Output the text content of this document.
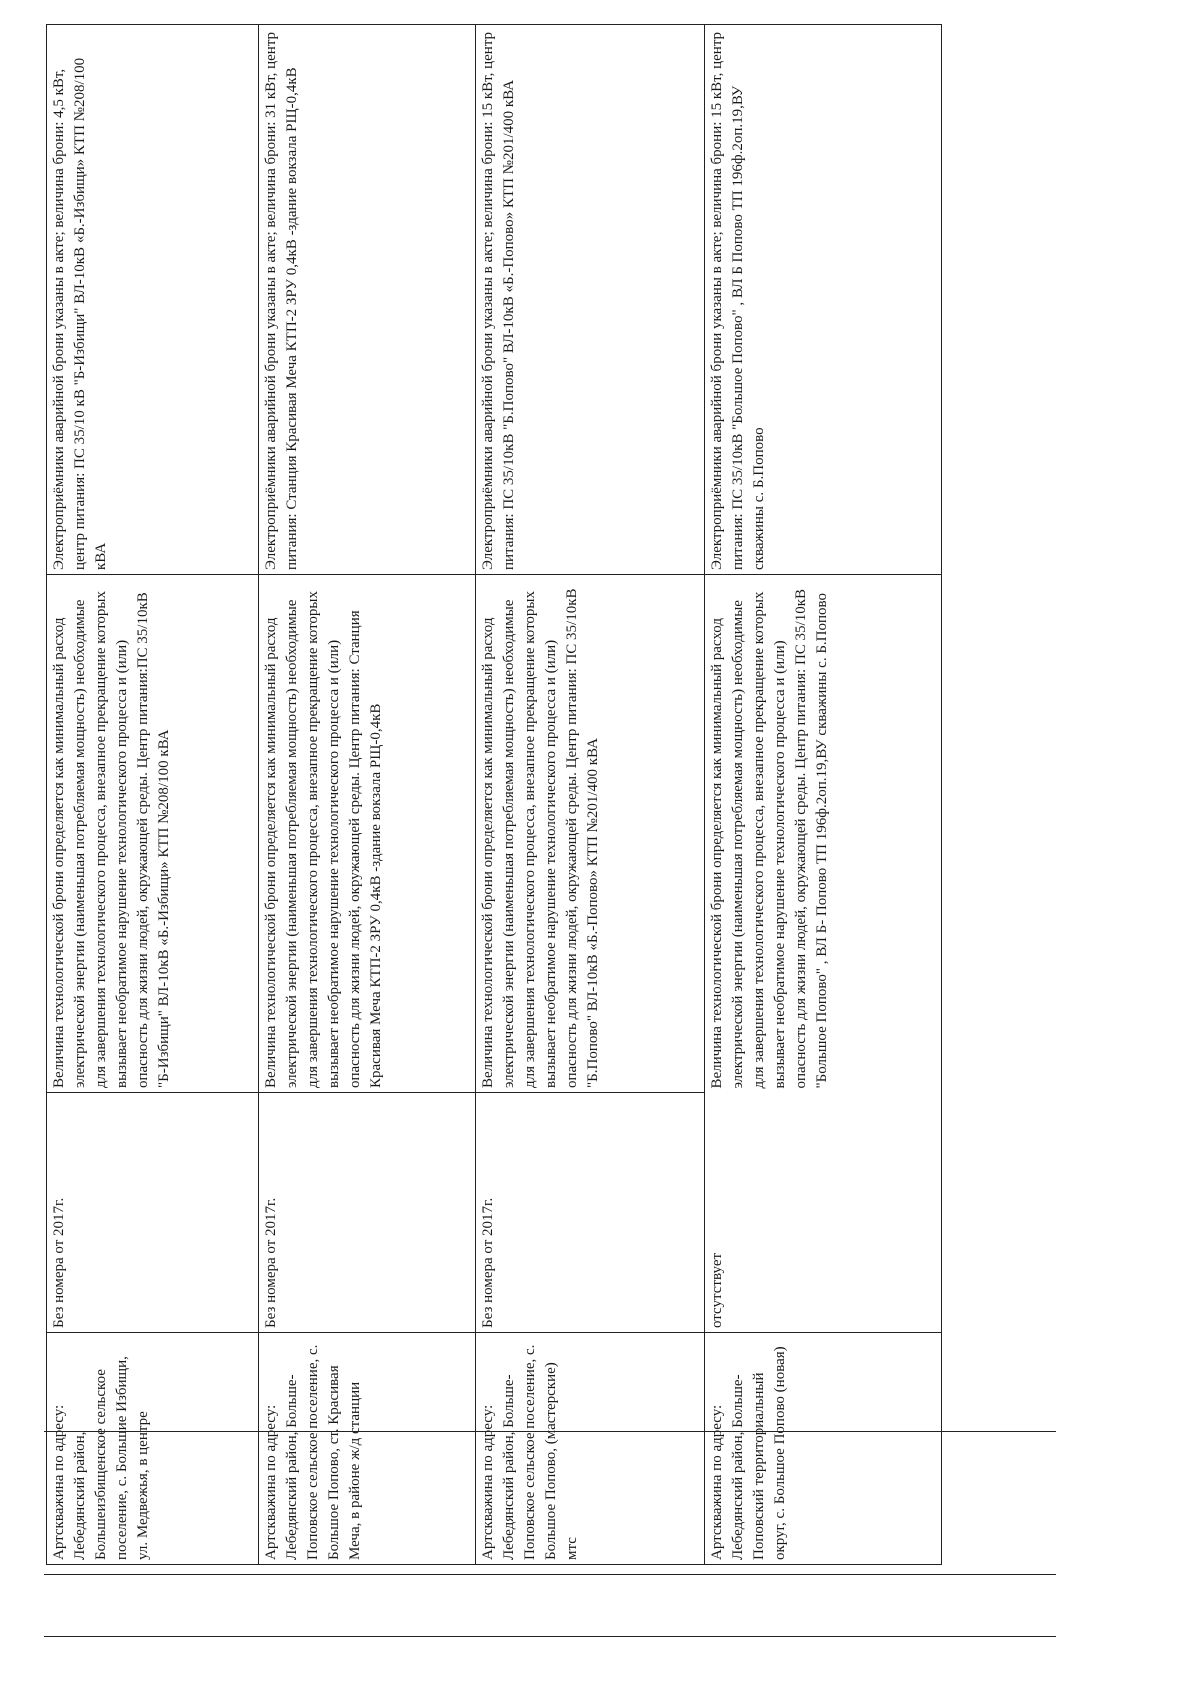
Артскважина по адресу: Лебедянский район, Большеизбищенское сельское поселение, с. Большие Избищи, ул. Медвежья, в центре	Без номера от 2017г.	Величина технологической брони определяется как минимальный расход электрической энергии (наименьшая потребляемая мощность) необходимые для завершения технологического процесса, внезапное прекращение которых вызывает необратимое нарушение технологического процесса и (или) опасность для жизни людей, окружающей среды. Центр питания:ПС 35/10кВ "Б-Избищи" ВЛ-10кВ «Б.-Избищи» КТП №208/100 кВА	Электроприёмники аварийной брони указаны в акте; величина брони: 4,5 кВт, центр питания: ПС 35/10 кВ "Б-Избищи" ВЛ-10кВ «Б.-Избищи» КТП №208/100 кВА
Артскважина по адресу: Лебедянский район, Больше-Поповское сельское поселение, с. Большое Попово, ст. Красивая Меча, в районе ж/д станции	Без номера от 2017г.	Величина технологической брони определяется как минимальный расход электрической энергии (наименьшая потребляемая мощность) необходимые для завершения технологического процесса, внезапное прекращение которых вызывает необратимое нарушение технологического процесса и (или) опасность для жизни людей, окружающей среды. Центр питания: Станция Красивая Меча КТП-2 ЗРУ 0,4кВ -здание вокзала РЩ-0,4кВ	Электроприёмники аварийной брони указаны в акте; величина брони: 31 кВт, центр питания: Станция Красивая Меча КТП-2 ЗРУ 0,4кВ -здание вокзала РЩ-0,4кВ
Артскважина по адресу: Лебедянский район, Больше-Поповское сельское поселение, с. Большое Попово, (мастерские) мтс	Без номера от 2017г.	Величина технологической брони определяется как минимальный расход электрической энергии (наименьшая потребляемая мощность) необходимые для завершения технологического процесса, внезапное прекращение которых вызывает необратимое нарушение технологического процесса и (или) опасность для жизни людей, окружающей среды. Центр питания: ПС 35/10кВ "Б.Попово" ВЛ-10кВ «Б.-Попово» КТП №201/400 кВА	Электроприёмники аварийной брони указаны в акте; величина брони: 15 кВт, центр питания: ПС 35/10кВ "Б.Попово" ВЛ-10кВ «Б.-Попово» КТП №201/400 кВА
Артскважина по адресу: Лебедянский район, Больше-Поповский территориальный округ, с. Большое Попово (новая)	отсутствует	Величина технологической брони определяется как минимальный расход электрической энергии (наименьшая потребляемая мощность) необходимые для завершения технологического процесса, внезапное прекращение которых вызывает необратимое нарушение технологического процесса и (или) опасность для жизни людей, окружающей среды. Центр питания: ПС 35/10кВ "Большое Попово" , ВЛ Б- Попово ТП 196ф.2оп.19,ВУ скважины с. Б.Попово	Электроприёмники аварийной брони указаны в акте; величина брони: 15 кВт, центр питания: ПС 35/10кВ "Большое Попово" , ВЛ Б Попово ТП 196ф.2оп.19,ВУ скважины с. Б.Попово
